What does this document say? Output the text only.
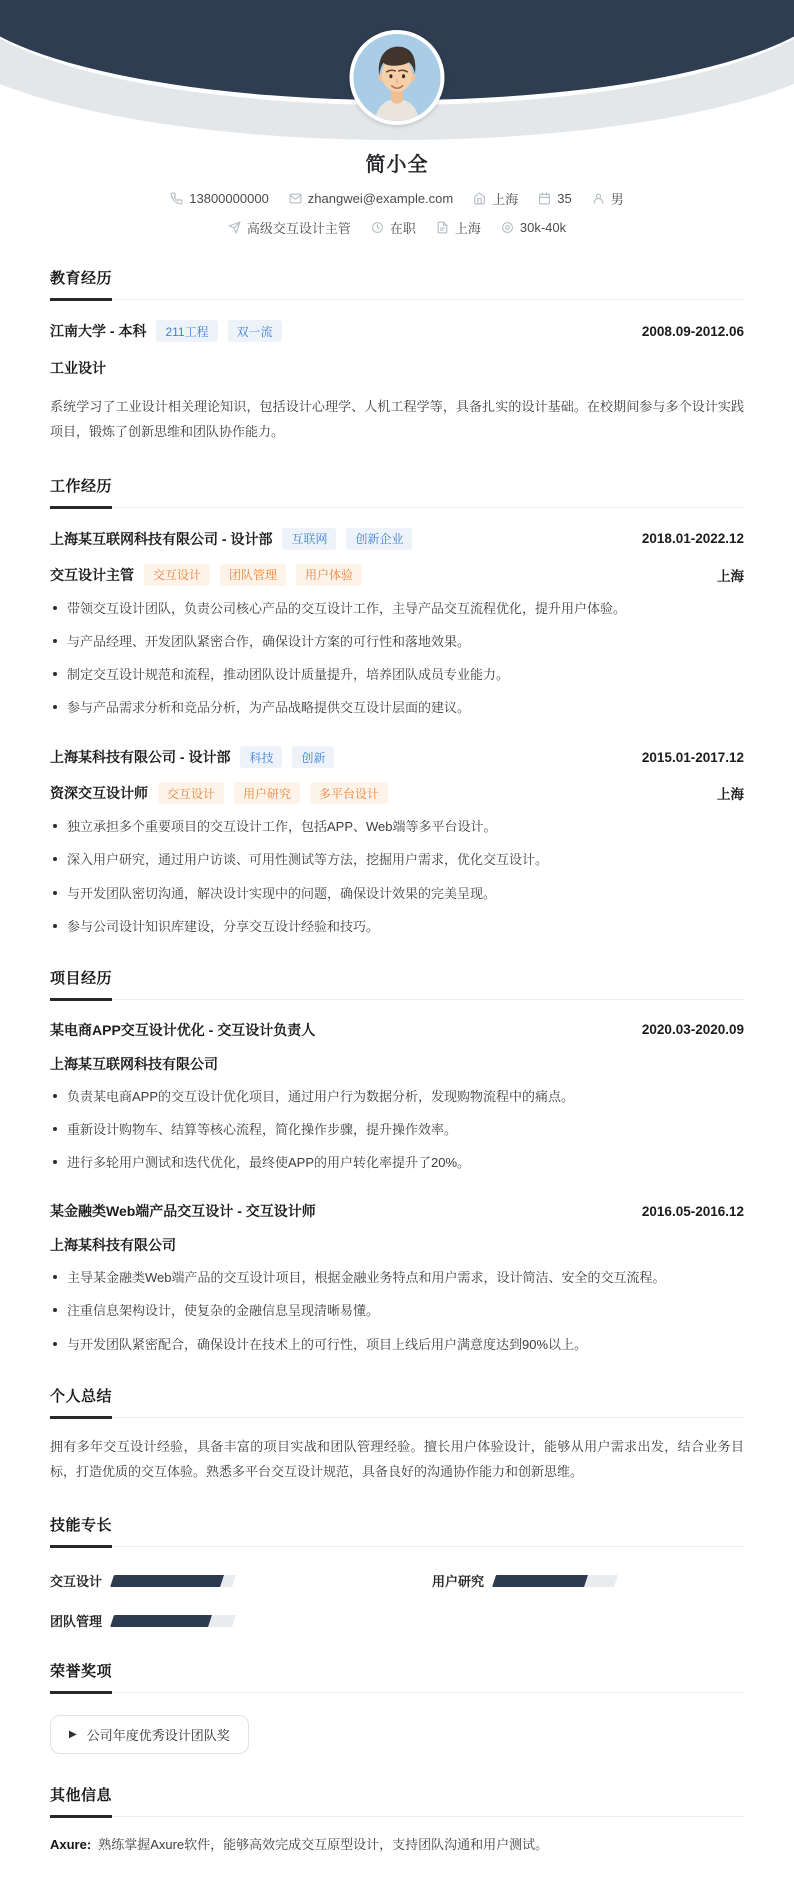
简小全
13800000000	zhangwei@example.com	上海	35	男
高级交互设计主管	在职	上海	30k-40k
教育经历
江南大学 - 本科	211工程	双一流	2008.09-2012.06
工业设计

系统学习了工业设计相关理论知识，包括设计心理学、人机工程学等，具备扎实的设计基础。在校期间参与多个设计实践项目，锻炼了创新思维和团队协作能力。

工作经历
上海某互联网科技有限公司 - 设计部	互联网	创新企业	2018.01-2022.12
交互设计主管	交互设计	团队管理	用户体验	上海
带领交互设计团队，负责公司核心产品的交互设计工作，主导产品交互流程优化，提升用户体验。
与产品经理、开发团队紧密合作，确保设计方案的可行性和落地效果。
制定交互设计规范和流程，推动团队设计质量提升，培养团队成员专业能力。
参与产品需求分析和竞品分析，为产品战略提供交互设计层面的建议。
上海某科技有限公司 - 设计部	科技	创新	2015.01-2017.12
资深交互设计师	交互设计	用户研究	多平台设计	上海
独立承担多个重要项目的交互设计工作，包括APP、Web端等多平台设计。
深入用户研究，通过用户访谈、可用性测试等方法，挖掘用户需求，优化交互设计。
与开发团队密切沟通，解决设计实现中的问题，确保设计效果的完美呈现。
参与公司设计知识库建设，分享交互设计经验和技巧。
项目经历
某电商APP交互设计优化 - 交互设计负责人	2020.03-2020.09
上海某互联网科技有限公司
负责某电商APP的交互设计优化项目，通过用户行为数据分析，发现购物流程中的痛点。
重新设计购物车、结算等核心流程，简化操作步骤，提升操作效率。
进行多轮用户测试和迭代优化，最终使APP的用户转化率提升了20%。
某金融类Web端产品交互设计 - 交互设计师	2016.05-2016.12
上海某科技有限公司
主导某金融类Web端产品的交互设计项目，根据金融业务特点和用户需求，设计简洁、安全的交互流程。
注重信息架构设计，使复杂的金融信息呈现清晰易懂。
与开发团队紧密配合，确保设计在技术上的可行性，项目上线后用户满意度达到90%以上。
个人总结

拥有多年交互设计经验，具备丰富的项目实战和团队管理经验。擅长用户体验设计，能够从用户需求出发，结合业务目标，打造优质的交互体验。熟悉多平台交互设计规范，具备良好的沟通协作能力和创新思维。

技能专长
交互设计	用户研究
团队管理
荣誉奖项
▶ 公司年度优秀设计团队奖
其他信息

Axure: 熟练掌握Axure软件，能够高效完成交互原型设计，支持团队沟通和用户测试。
